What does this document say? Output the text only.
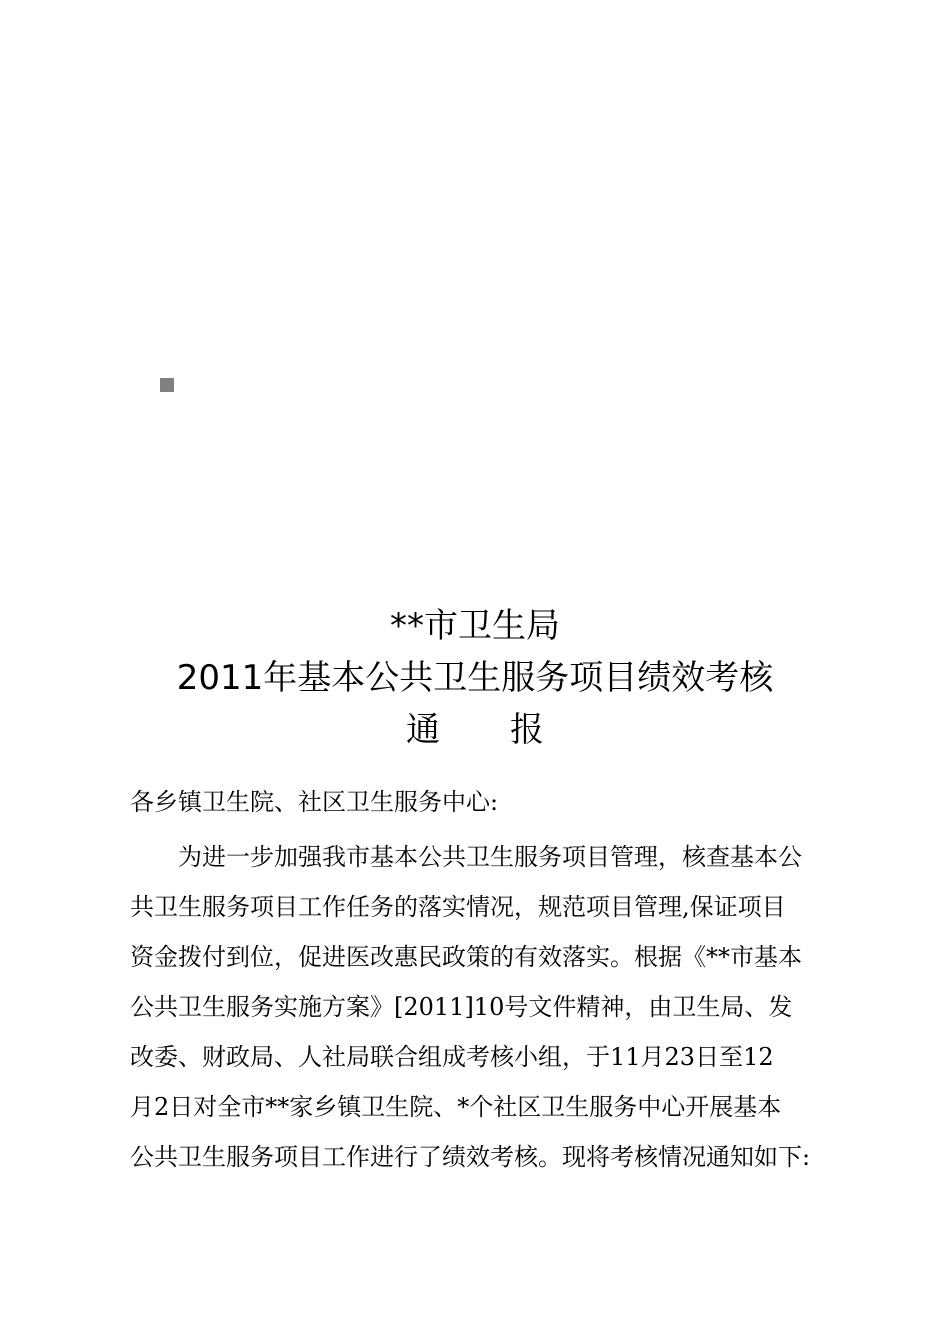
**市卫生局
2011年基本公共卫生服务项目绩效考核
通 报
各乡镇卫生院、社区卫生服务中心:
为进一步加强我市基本公共卫生服务项目管理，核查基本公
共卫生服务项目工作任务的落实情况，规范项目管理,保证项目
资金拨付到位，促进医改惠民政策的有效落实。根据《**市基本
公共卫生服务实施方案》[2011]10号文件精神，由卫生局、发
改委、财政局、人社局联合组成考核小组，于11月23日至12
月2日对全市**家乡镇卫生院、*个社区卫生服务中心开展基本
公共卫生服务项目工作进行了绩效考核。现将考核情况通知如下:
